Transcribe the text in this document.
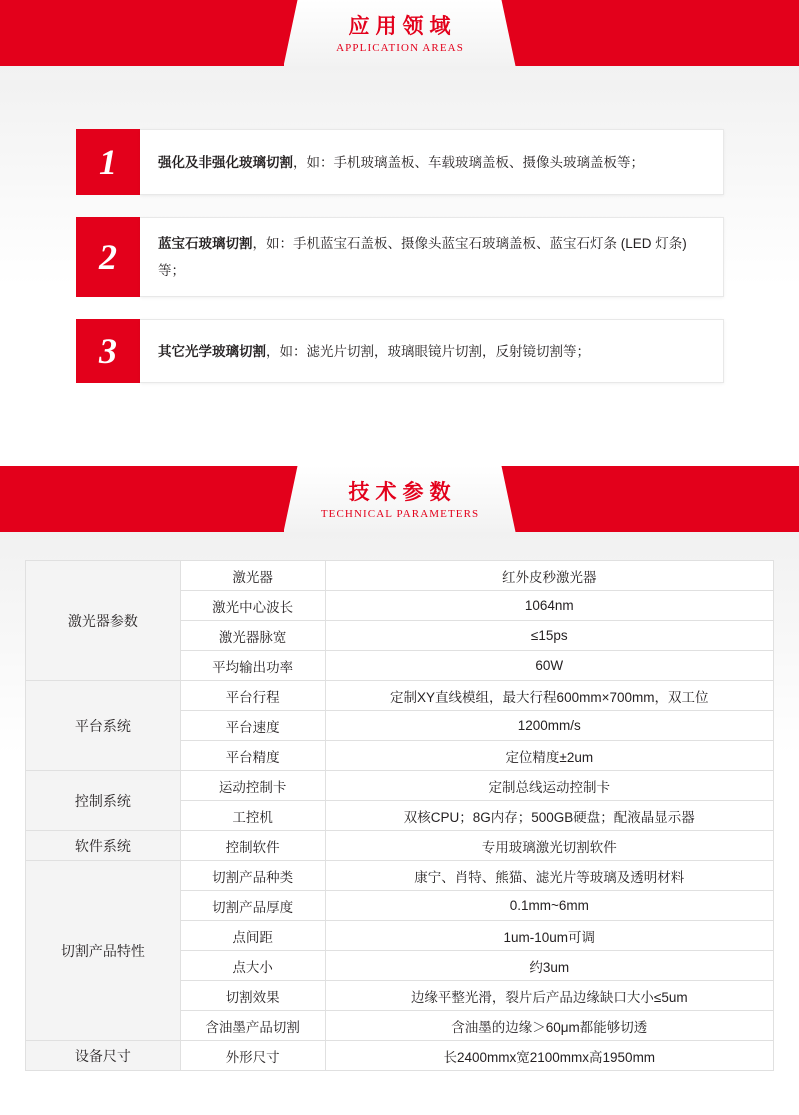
应用领域
APPLICATION AREAS
1	强化及非强化玻璃切割，如：手机玻璃盖板、车载玻璃盖板、摄像头玻璃盖板等；
2	蓝宝石玻璃切割，如：手机蓝宝石盖板、摄像头蓝宝石玻璃盖板、蓝宝石灯条 (LED 灯条)等；
3	其它光学玻璃切割，如：滤光片切割，玻璃眼镜片切割，反射镜切割等；
技术参数
TECHNICAL PARAMETERS
激光器参数	激光器	红外皮秒激光器
	激光中心波长	1064nm
	激光器脉宽	≤15ps
	平均输出功率	60W
平台系统	平台行程	定制XY直线模组，最大行程600mm×700mm，双工位
	平台速度	1200mm/s
	平台精度	定位精度±2um
控制系统	运动控制卡	定制总线运动控制卡
	工控机	双核CPU；8G内存；500GB硬盘；配液晶显示器
软件系统	控制软件	专用玻璃激光切割软件
切割产品特性	切割产品种类	康宁、肖特、熊猫、滤光片等玻璃及透明材料
	切割产品厚度	0.1mm~6mm
	点间距	1um-10um可调
	点大小	约3um
	切割效果	边缘平整光滑，裂片后产品边缘缺口大小≤5um
	含油墨产品切割	含油墨的边缘＞60μm都能够切透
设备尺寸	外形尺寸	长2400mmx宽2100mmx高1950mm
